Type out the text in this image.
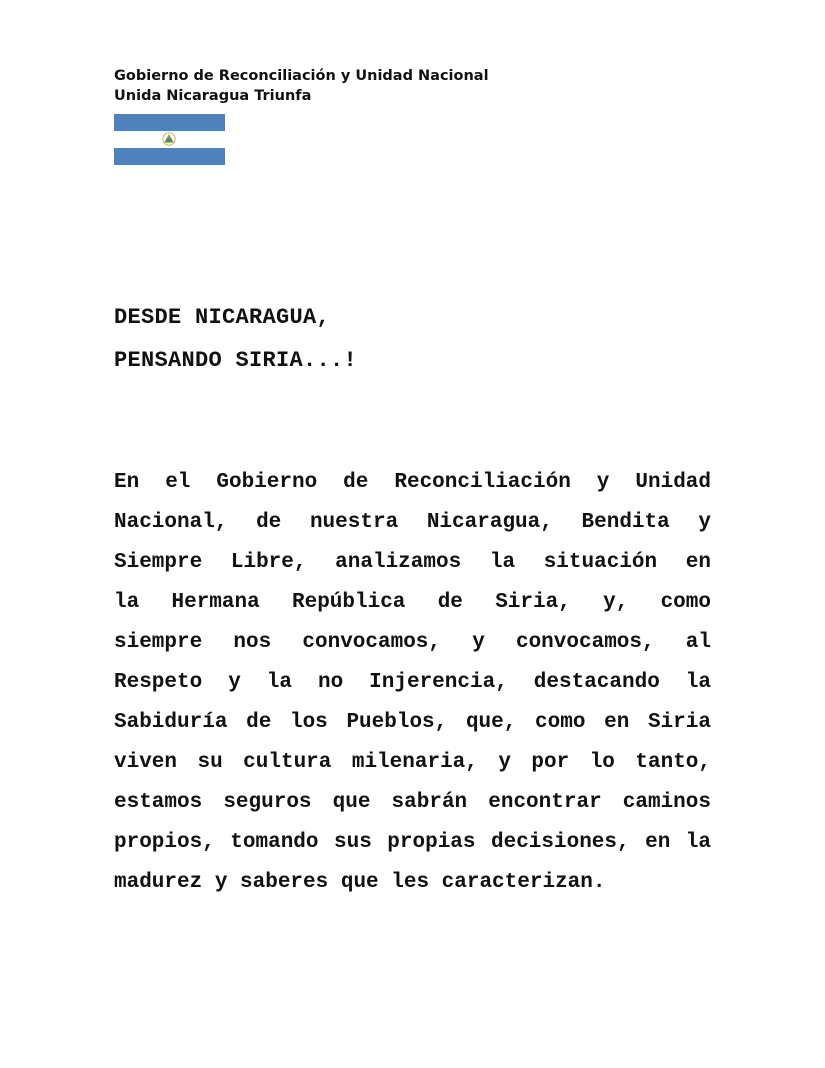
Gobierno de Reconciliación y Unidad Nacional
Unida Nicaragua Triunfa
DESDE NICARAGUA,
PENSANDO SIRIA...!
En el Gobierno de Reconciliación y Unidad
Nacional, de nuestra Nicaragua, Bendita y
Siempre Libre, analizamos la situación en
la Hermana República de Siria, y, como
siempre nos convocamos, y convocamos, al
Respeto y la no Injerencia, destacando la
Sabiduría de los Pueblos, que, como en Siria
viven su cultura milenaria, y por lo tanto,
estamos seguros que sabrán encontrar caminos
propios, tomando sus propias decisiones, en la
madurez y saberes que les caracterizan.
